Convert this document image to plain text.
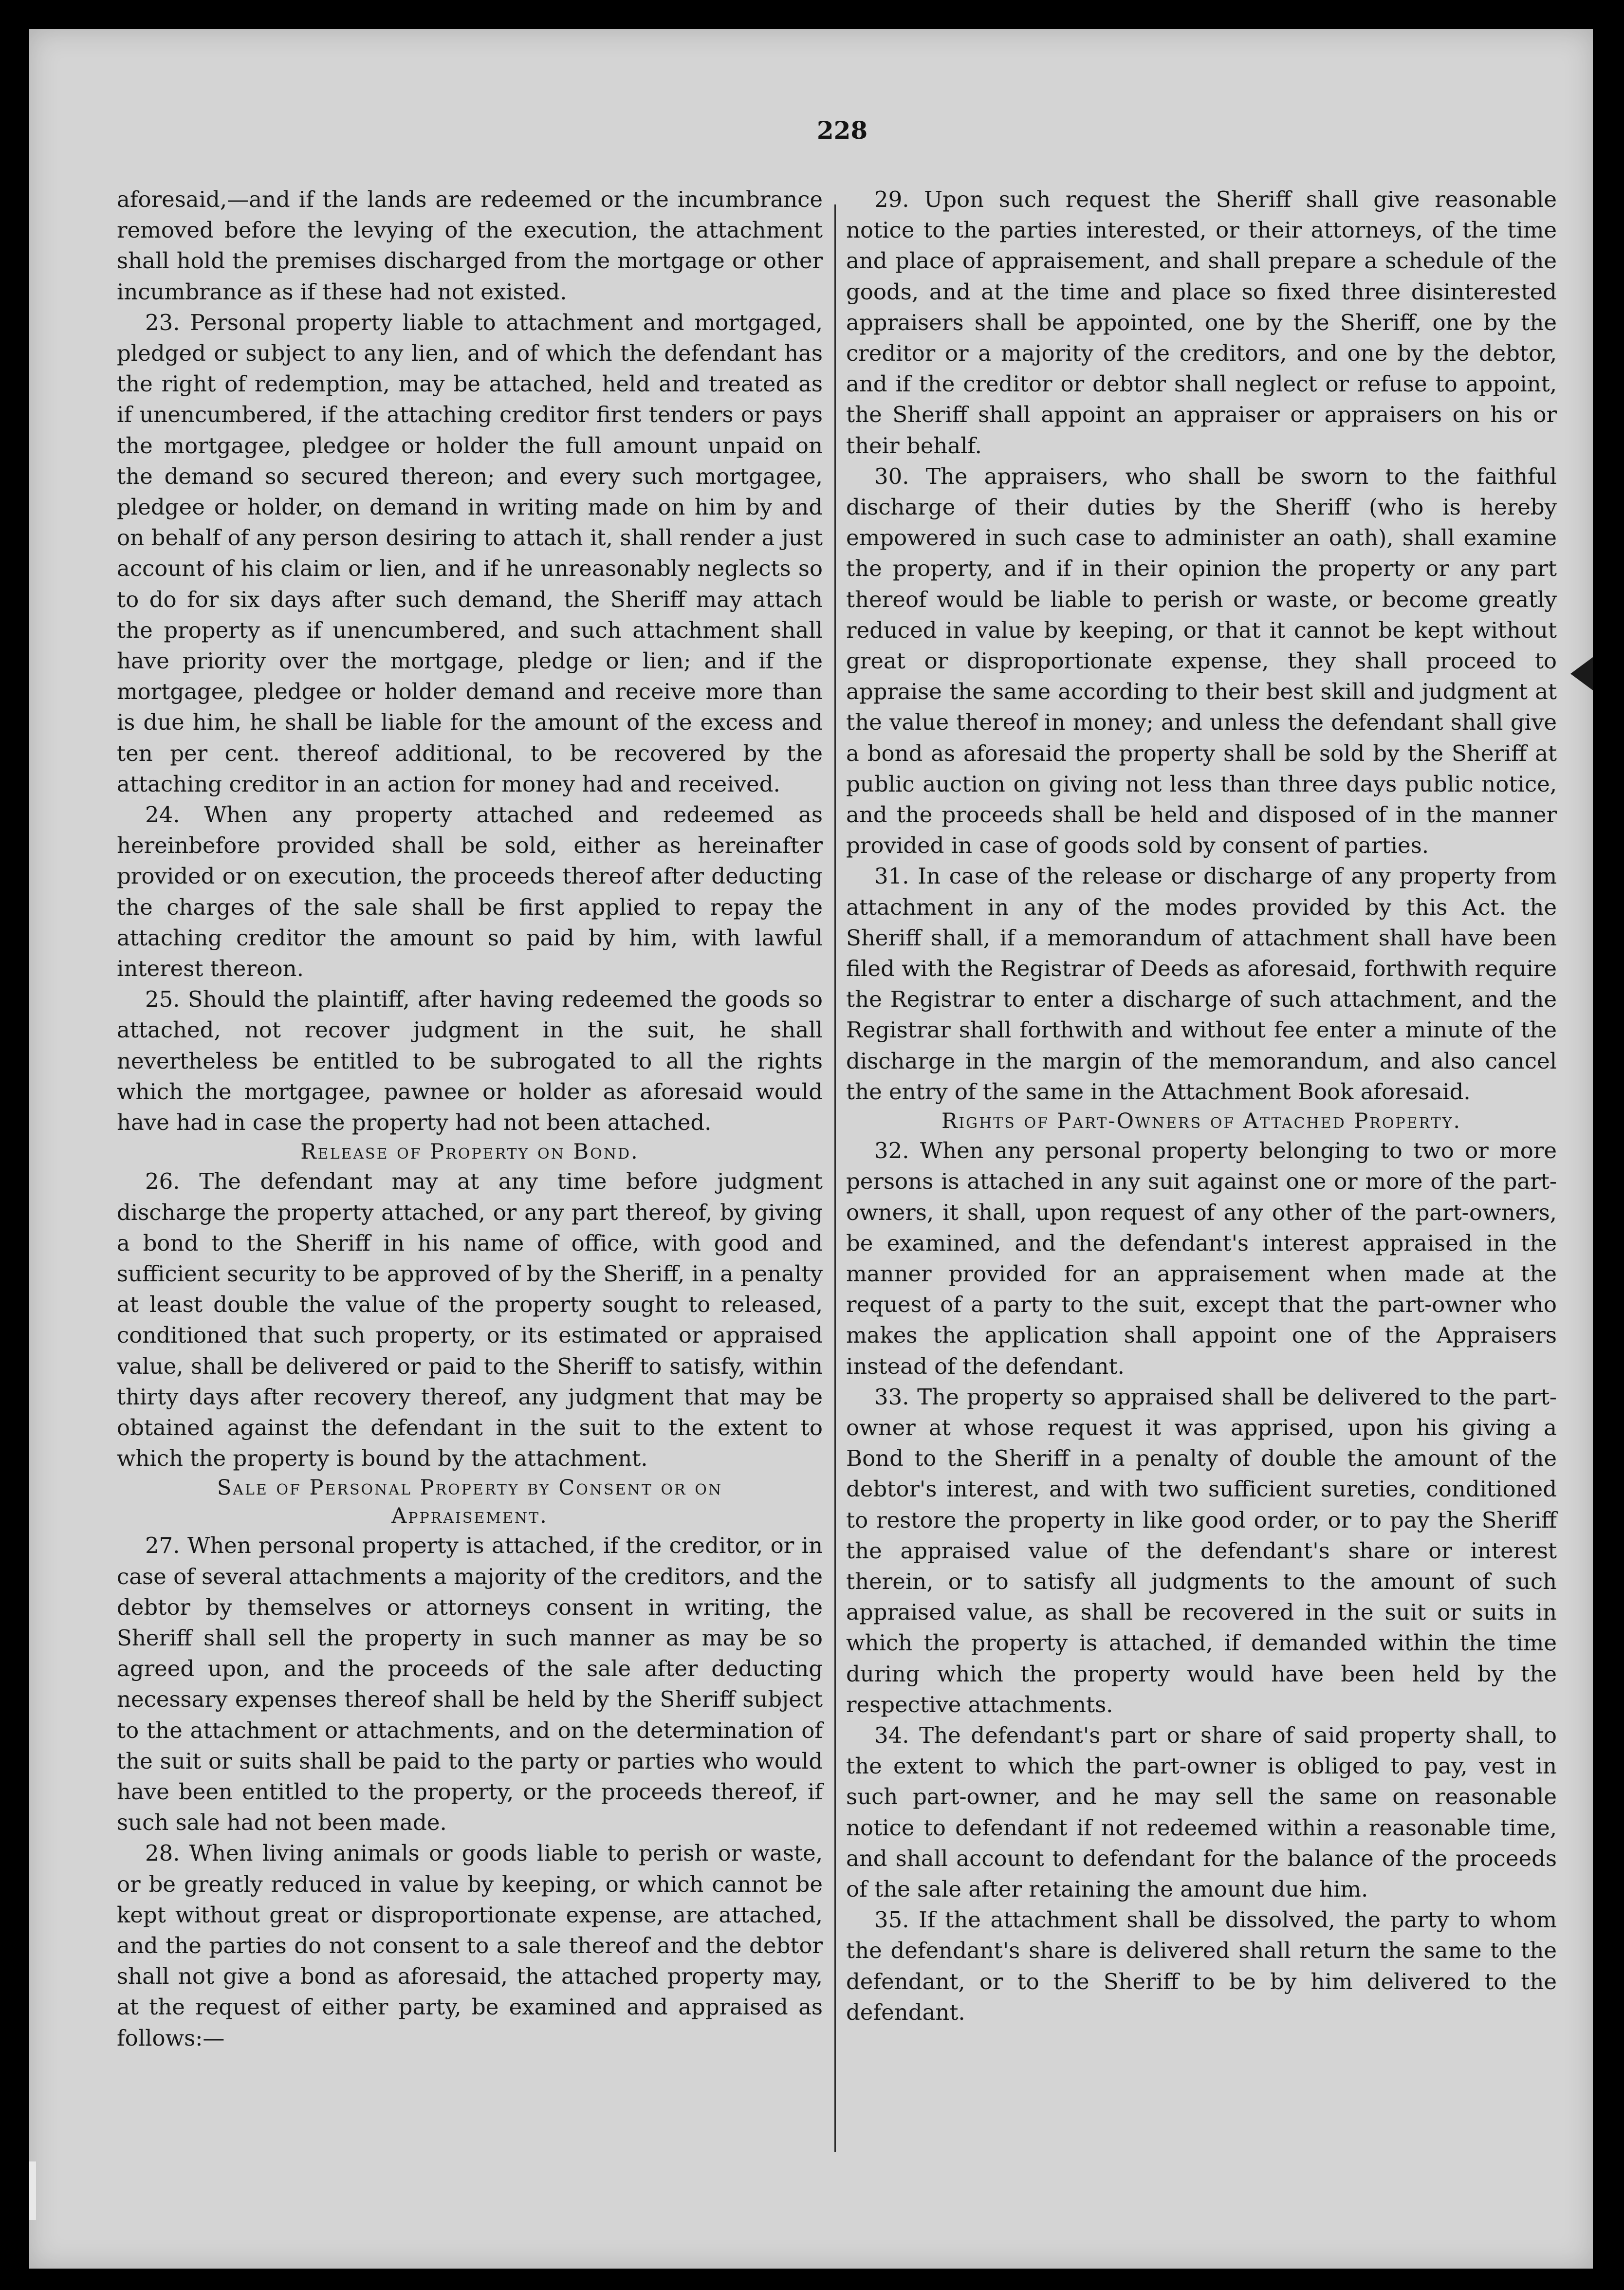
228

aforesaid,—and if the lands are redeemed or the incumbrance removed before the levying of the execution, the attachment shall hold the premises discharged from the mortgage or other incumbrance as if these had not existed.

23. Personal property liable to attachment and mortgaged, pledged or subject to any lien, and of which the defendant has the right of redemption, may be attached, held and treated as if unencumbered, if the attaching creditor first tenders or pays the mortgagee, pledgee or holder the full amount unpaid on the demand so secured thereon; and every such mortgagee, pledgee or holder, on demand in writing made on him by and on behalf of any person desiring to attach it, shall render a just account of his claim or lien, and if he unreasonably neglects so to do for six days after such demand, the Sheriff may attach the property as if unencumbered, and such attachment shall have priority over the mortgage, pledge or lien; and if the mortgagee, pledgee or holder demand and receive more than is due him, he shall be liable for the amount of the excess and ten per cent. thereof additional, to be recovered by the attaching creditor in an action for money had and received.

24. When any property attached and redeemed as hereinbefore provided shall be sold, either as hereinafter provided or on execution, the proceeds thereof after deducting the charges of the sale shall be first applied to repay the attaching creditor the amount so paid by him, with lawful interest thereon.

25. Should the plaintiff, after having redeemed the goods so attached, not recover judgment in the suit, he shall nevertheless be entitled to be subrogated to all the rights which the mortgagee, pawnee or holder as aforesaid would have had in case the property had not been attached.

Release of Property on Bond.

26. The defendant may at any time before judgment discharge the property attached, or any part thereof, by giving a bond to the Sheriff in his name of office, with good and sufficient security to be approved of by the Sheriff, in a penalty at least double the value of the property sought to released, conditioned that such property, or its estimated or appraised value, shall be delivered or paid to the Sheriff to satisfy, within thirty days after recovery thereof, any judgment that may be obtained against the defendant in the suit to the extent to which the property is bound by the attachment.

Sale of Personal Property by Consent or on
Appraisement.

27. When personal property is attached, if the creditor, or in case of several attachments a majority of the creditors, and the debtor by themselves or attorneys consent in writing, the Sheriff shall sell the property in such manner as may be so agreed upon, and the proceeds of the sale after deducting necessary expenses thereof shall be held by the Sheriff subject to the attachment or attachments, and on the determination of the suit or suits shall be paid to the party or parties who would have been entitled to the property, or the proceeds thereof, if such sale had not been made.

28. When living animals or goods liable to perish or waste, or be greatly reduced in value by keeping, or which cannot be kept without great or disproportionate expense, are attached, and the parties do not consent to a sale thereof and the debtor shall not give a bond as aforesaid, the attached property may, at the request of either party, be examined and appraised as follows:—

29. Upon such request the Sheriff shall give reasonable notice to the parties interested, or their attorneys, of the time and place of appraisement, and shall prepare a schedule of the goods, and at the time and place so fixed three disinterested appraisers shall be appointed, one by the Sheriff, one by the creditor or a majority of the creditors, and one by the debtor, and if the creditor or debtor shall neglect or refuse to appoint, the Sheriff shall appoint an appraiser or appraisers on his or their behalf.

30. The appraisers, who shall be sworn to the faithful discharge of their duties by the Sheriff (who is hereby empowered in such case to administer an oath), shall examine the property, and if in their opinion the property or any part thereof would be liable to perish or waste, or become greatly reduced in value by keeping, or that it cannot be kept without great or disproportionate expense, they shall proceed to appraise the same according to their best skill and judgment at the value thereof in money; and unless the defendant shall give a bond as aforesaid the property shall be sold by the Sheriff at public auction on giving not less than three days public notice, and the proceeds shall be held and disposed of in the manner provided in case of goods sold by consent of parties.

31. In case of the release or discharge of any property from attachment in any of the modes provided by this Act. the Sheriff shall, if a memorandum of attachment shall have been filed with the Registrar of Deeds as aforesaid, forthwith require the Registrar to enter a discharge of such attachment, and the Registrar shall forthwith and without fee enter a minute of the discharge in the margin of the memorandum, and also cancel the entry of the same in the Attachment Book aforesaid.

Rights of Part-Owners of Attached Property.

32. When any personal property belonging to two or more persons is attached in any suit against one or more of the part-owners, it shall, upon request of any other of the part-owners, be examined, and the defendant's interest appraised in the manner provided for an appraisement when made at the request of a party to the suit, except that the part-owner who makes the application shall appoint one of the Appraisers instead of the defendant.

33. The property so appraised shall be delivered to the part-owner at whose request it was apprised, upon his giving a Bond to the Sheriff in a penalty of double the amount of the debtor's interest, and with two sufficient sureties, conditioned to restore the property in like good order, or to pay the Sheriff the appraised value of the defendant's share or interest therein, or to satisfy all judgments to the amount of such appraised value, as shall be recovered in the suit or suits in which the property is attached, if demanded within the time during which the property would have been held by the respective attachments.

34. The defendant's part or share of said property shall, to the extent to which the part-owner is obliged to pay, vest in such part-owner, and he may sell the same on reasonable notice to defendant if not redeemed within a reasonable time, and shall account to defendant for the balance of the proceeds of the sale after retaining the amount due him.

35. If the attachment shall be dissolved, the party to whom the defendant's share is delivered shall return the same to the defendant, or to the Sheriff to be by him delivered to the defendant.
